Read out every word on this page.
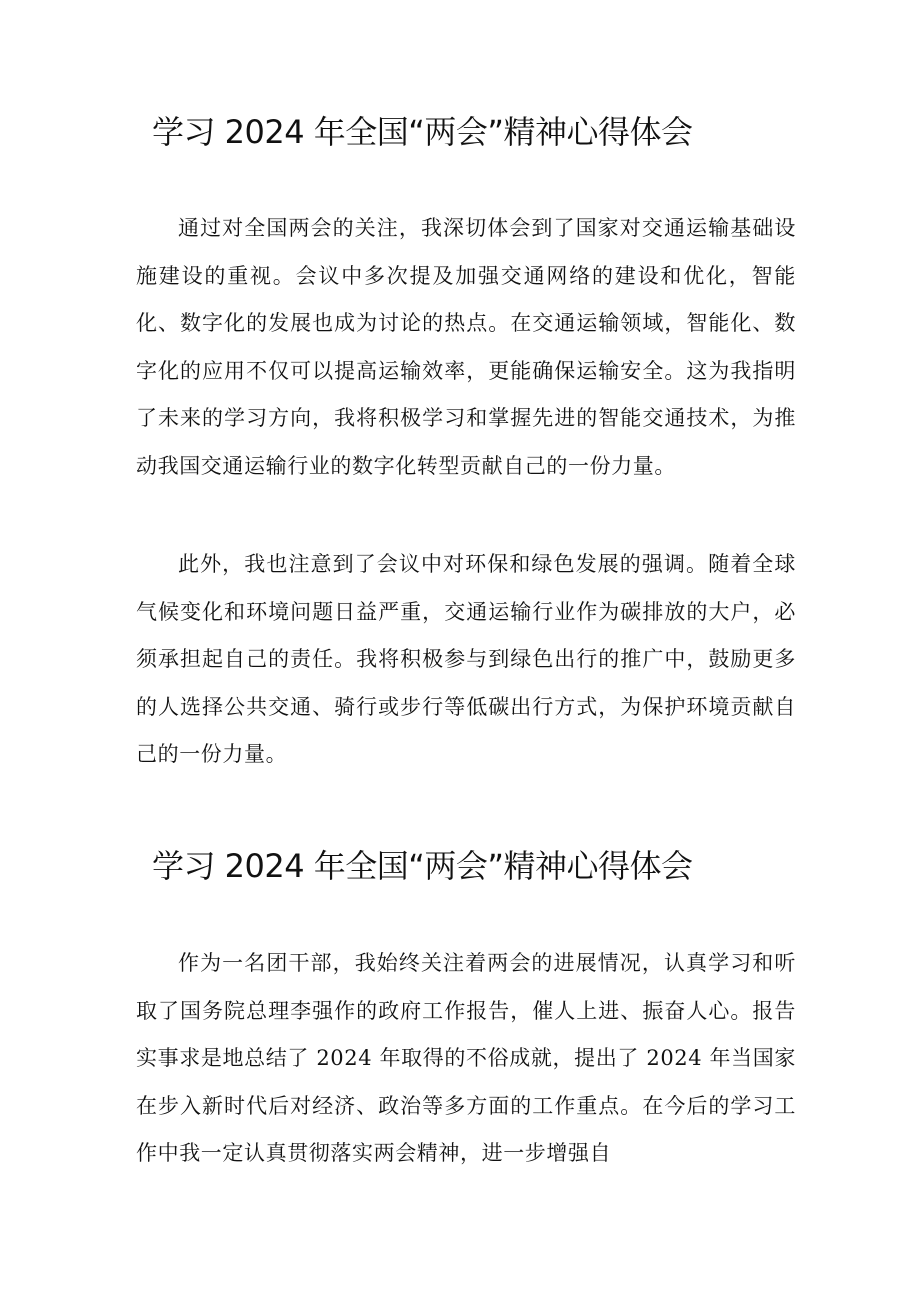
学习 2024 年全国“两会”精神心得体会

通过对全国两会的关注，我深切体会到了国家对交通运输基础设施建设的重视。会议中多次提及加强交通网络的建设和优化，智能化、数字化的发展也成为讨论的热点。在交通运输领域，智能化、数字化的应用不仅可以提高运输效率，更能确保运输安全。这为我指明了未来的学习方向，我将积极学习和掌握先进的智能交通技术，为推动我国交通运输行业的数字化转型贡献自己的一份力量。

此外，我也注意到了会议中对环保和绿色发展的强调。随着全球气候变化和环境问题日益严重，交通运输行业作为碳排放的大户，必须承担起自己的责任。我将积极参与到绿色出行的推广中，鼓励更多的人选择公共交通、骑行或步行等低碳出行方式，为保护环境贡献自己的一份力量。

学习 2024 年全国“两会”精神心得体会

作为一名团干部，我始终关注着两会的进展情况，认真学习和听取了国务院总理李强作的政府工作报告，催人上进、振奋人心。报告实事求是地总结了 2024 年取得的不俗成就，提出了 2024 年当国家在步入新时代后对经济、政治等多方面的工作重点。在今后的学习工作中我一定认真贯彻落实两会精神，进一步增强自
